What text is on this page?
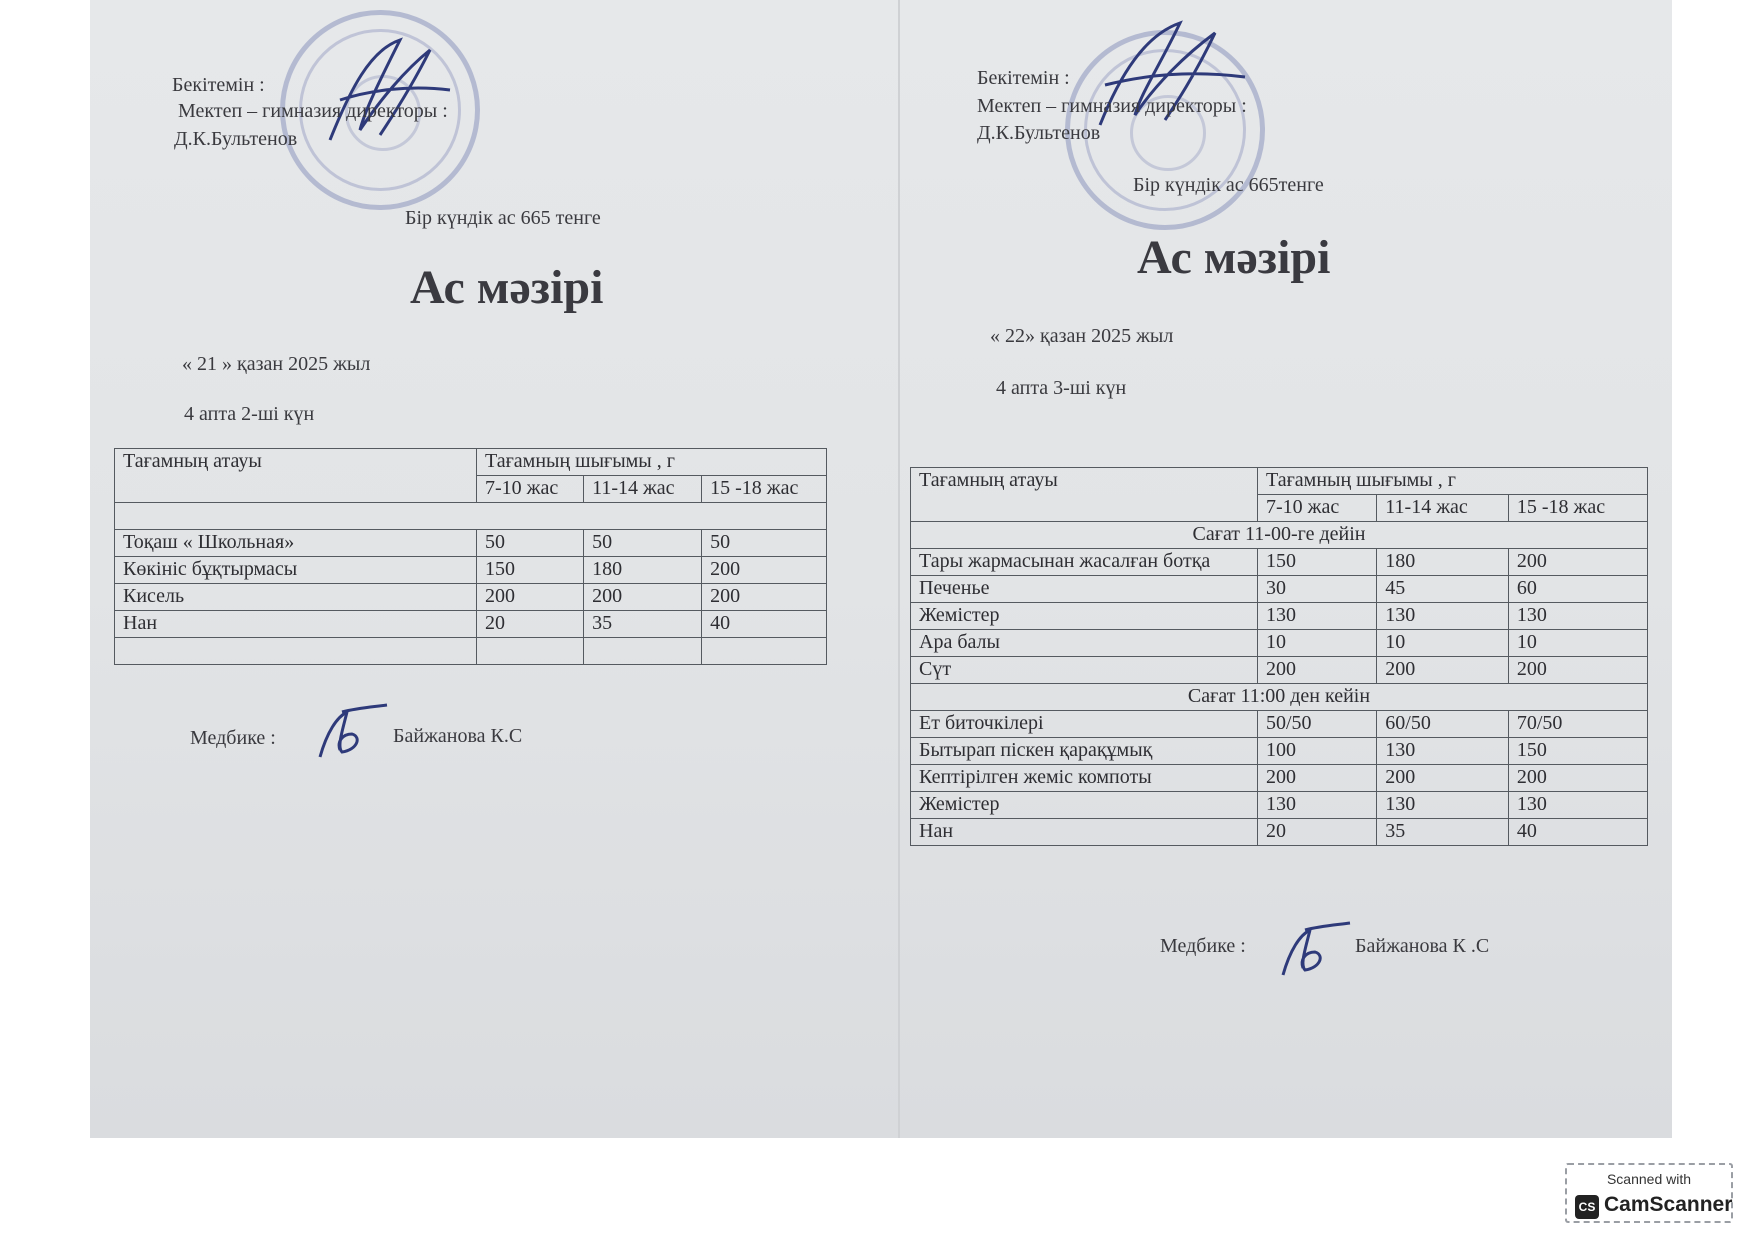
Бекітемін :
Мектеп – гимназия директоры :
Д.К.Бультенов
Бір күндік ас 665 тенге
Ас мәзірі
« 21 » қазан 2025 жыл
4 апта 2-ші күн
Тағамның атауы	Тағамның шығымы , г		
	7-10 жас	11-14 жас	15 -18 жас

Тоқаш « Школьная»	50	50	50
Көкініс бұқтырмасы	150	180	200
Кисель	200	200	200
Нан	20	35	40

Медбике :	Байжанова К.С
Бекітемін :
Мектеп – гимназия директоры :
Д.К.Бультенов
Бір күндік ас 665тенге
Ас мәзірі
« 22» қазан 2025 жыл
4 апта 3-ші күн
Тағамның атауы	Тағамның шығымы , г		
	7-10 жас	11-14 жас	15 -18 жас
Сағат 11-00-ге дейін			
Тары жармасынан жасалған ботқа	150	180	200
Печенье	30	45	60
Жемістер	130	130	130
Ара балы	10	10	10
Сүт	200	200	200
Сағат 11:00 ден кейін			
Ет биточкілері	50/50	60/50	70/50
Бытырап піскен қарақұмық	100	130	150
Кептірілген жеміс компоты	200	200	200
Жемістер	130	130	130
Нан	20	35	40
Медбике :	Байжанова К .С
Scanned with
CS CamScanner
